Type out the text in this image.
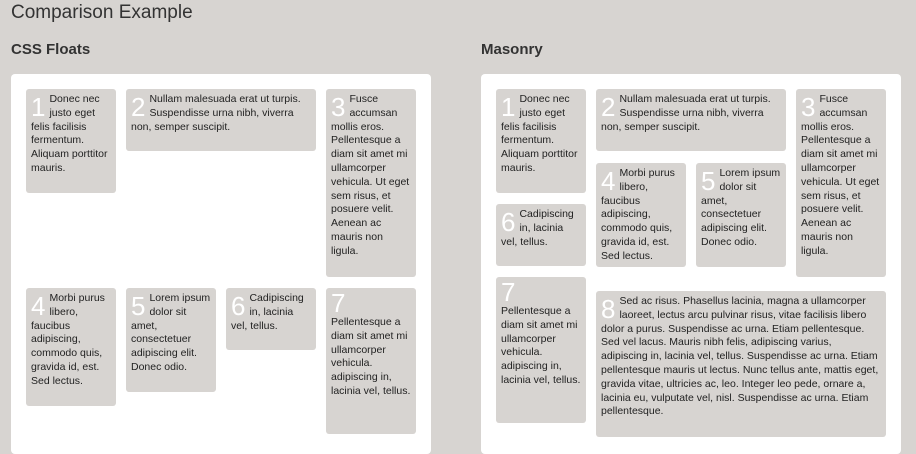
Comparison Example
CSS Floats
1 Donec nec justo eget felis facilisis fermentum. Aliquam porttitor mauris.
2 Nullam malesuada erat ut turpis. Suspendisse urna nibh, viverra non, semper suscipit.
3 Fusce accumsan mollis eros. Pellentesque a diam sit amet mi ullamcorper vehicula. Ut eget sem risus, et posuere velit. Aenean ac mauris non ligula.
4 Morbi purus libero, faucibus adipiscing, commodo quis, gravida id, est. Sed lectus.
5 Lorem ipsum dolor sit amet, consectetuer adipiscing elit. Donec odio.
6 Cadipiscing in, lacinia vel, tellus.
7
Pellentesque a diam sit amet mi ullamcorper vehicula. adipiscing in, lacinia vel, tellus.
Masonry
1 Donec nec justo eget felis facilisis fermentum. Aliquam porttitor mauris.
2 Nullam malesuada erat ut turpis. Suspendisse urna nibh, viverra non, semper suscipit.
3 Fusce accumsan mollis eros. Pellentesque a diam sit amet mi ullamcorper vehicula. Ut eget sem risus, et posuere velit. Aenean ac mauris non ligula.
4 Morbi purus libero, faucibus adipiscing, commodo quis, gravida id, est. Sed lectus.
5 Lorem ipsum dolor sit amet, consectetuer adipiscing elit. Donec odio.
6 Cadipiscing in, lacinia vel, tellus.
7
Pellentesque a diam sit amet mi ullamcorper vehicula. adipiscing in, lacinia vel, tellus.
8 Sed ac risus. Phasellus lacinia, magna a ullamcorper laoreet, lectus arcu pulvinar risus, vitae facilisis libero dolor a purus. Suspendisse ac urna. Etiam pellentesque. Sed vel lacus. Mauris nibh felis, adipiscing varius, adipiscing in, lacinia vel, tellus. Suspendisse ac urna. Etiam pellentesque mauris ut lectus. Nunc tellus ante, mattis eget, gravida vitae, ultricies ac, leo. Integer leo pede, ornare a, lacinia eu, vulputate vel, nisl. Suspendisse ac urna. Etiam pellentesque.
